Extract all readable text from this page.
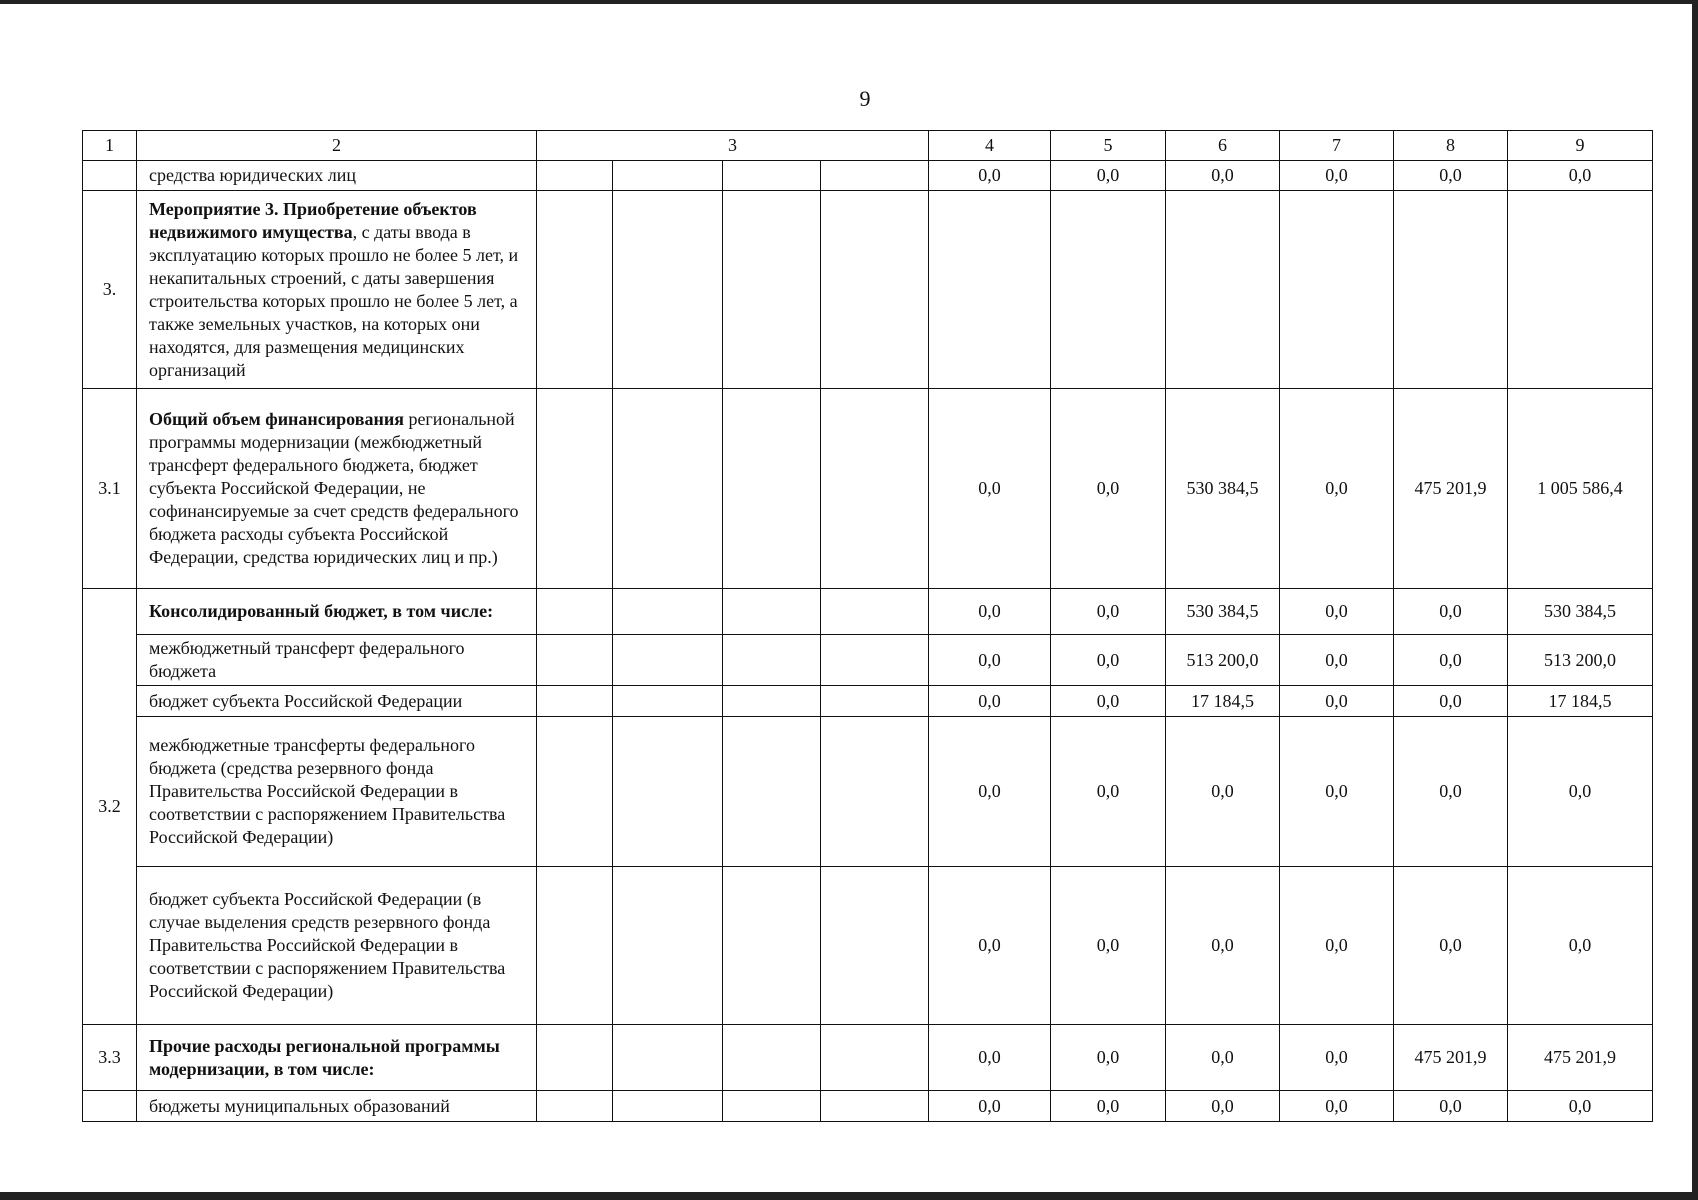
9
1	2	3				4	5	6	7	8	9
	средства юридических лиц					0,0	0,0	0,0	0,0	0,0	0,0
3.	Мероприятие 3. Приобретение объектов недвижимого имущества, с даты ввода в эксплуатацию которых прошло не более 5 лет, и некапитальных строений, с даты завершения строительства которых прошло не более 5 лет, а также земельных участков, на которых они находятся, для размещения медицинских организаций										
3.1	Общий объем финансирования региональной программы модернизации (межбюджетный трансферт федерального бюджета, бюджет субъекта Российской Федерации, не софинансируемые за счет средств федерального бюджета расходы субъекта Российской Федерации, средства юридических лиц и пр.)					0,0	0,0	530 384,5	0,0	475 201,9	1 005 586,4
3.2	Консолидированный бюджет, в том числе:					0,0	0,0	530 384,5	0,0	0,0	530 384,5
	межбюджетный трансферт федерального бюджета					0,0	0,0	513 200,0	0,0	0,0	513 200,0
	бюджет субъекта Российской Федерации					0,0	0,0	17 184,5	0,0	0,0	17 184,5
	межбюджетные трансферты федерального бюджета (средства резервного фонда Правительства Российской Федерации в соответствии с распоряжением Правительства Российской Федерации)					0,0	0,0	0,0	0,0	0,0	0,0
	бюджет субъекта Российской Федерации (в случае выделения средств резервного фонда Правительства Российской Федерации в соответствии с распоряжением Правительства Российской Федерации)					0,0	0,0	0,0	0,0	0,0	0,0
3.3	Прочие расходы региональной программы модернизации, в том числе:					0,0	0,0	0,0	0,0	475 201,9	475 201,9
	бюджеты муниципальных образований					0,0	0,0	0,0	0,0	0,0	0,0
